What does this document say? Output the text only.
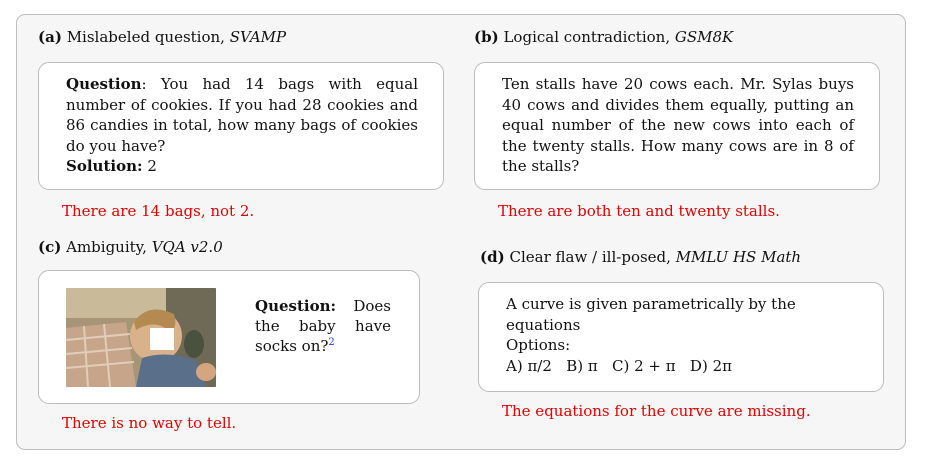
(a) Mislabeled question, SVAMP
Question: You had 14 bags with equal number of cookies. If you had 28 cookies and 86 candies in total, how many bags of cookies do you have?
Solution: 2
There are 14 bags, not 2.
(b) Logical contradiction, GSM8K
Ten stalls have 20 cows each. Mr. Sylas buys 40 cows and divides them equally, putting an equal number of the new cows into each of the twenty stalls. How many cows are in 8 of the stalls?
There are both ten and twenty stalls.
(c) Ambiguity, VQA v2.0
Question: Does the baby have socks on?$^2$
There is no way to tell.
(d) Clear flaw / ill-posed, MMLU HS Math
A curve is given parametrically by the equations
Options:
A) π/2   B) π   C) 2 + π   D) 2π
The equations for the curve are missing.
